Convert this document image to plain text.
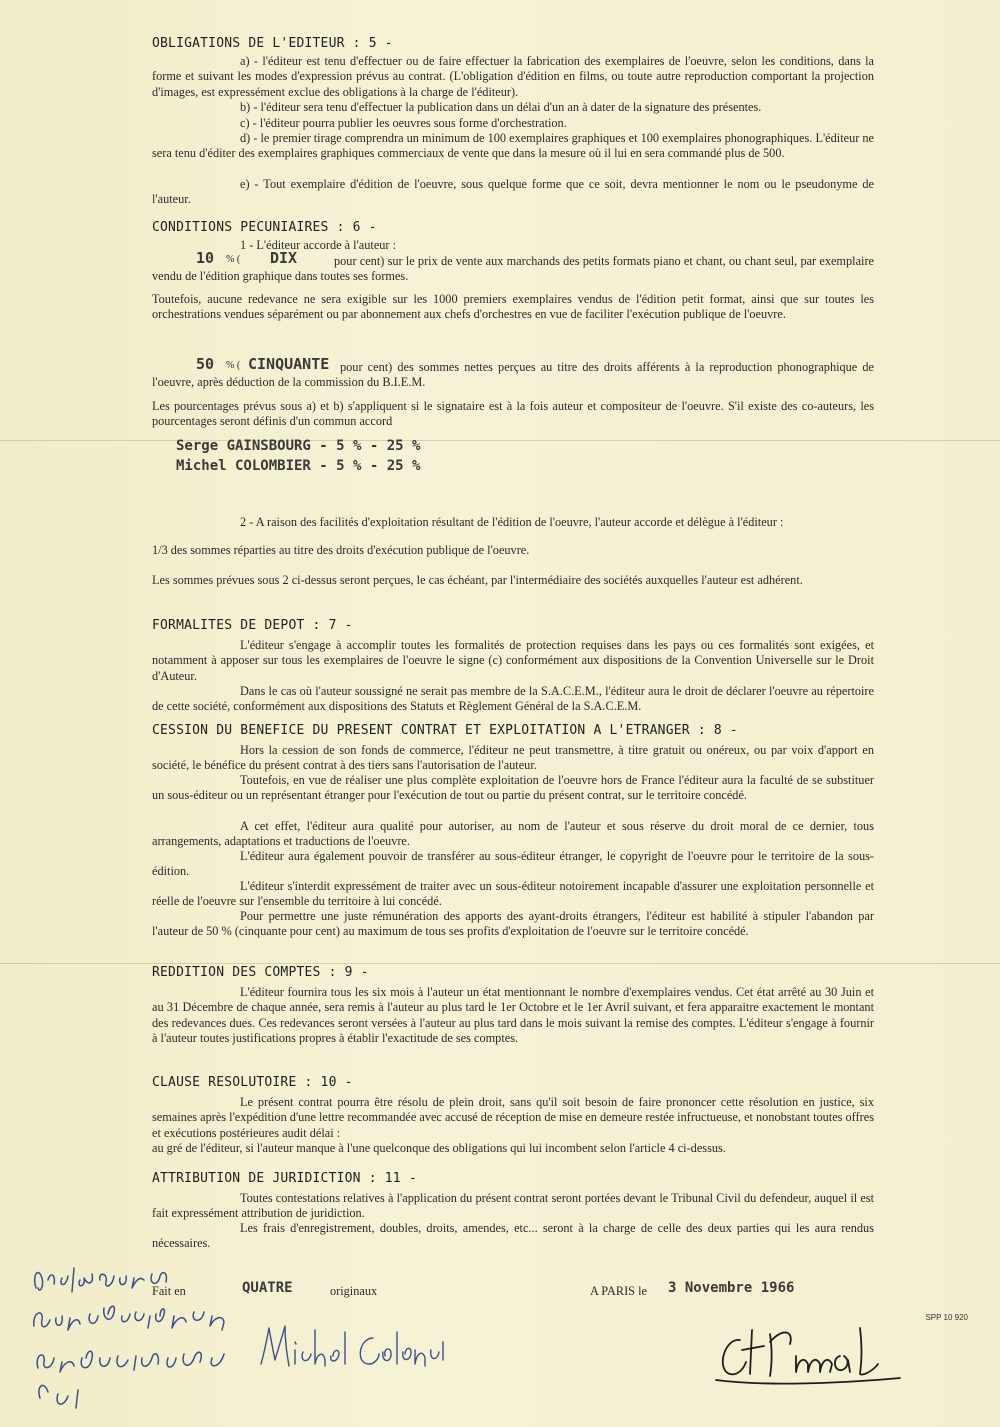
OBLIGATIONS DE L'EDITEUR : 5 -

a) - l'éditeur est tenu d'effectuer ou de faire effectuer la fabrication des exemplaires de l'oeuvre, selon les conditions, dans la forme et suivant les modes d'expression prévus au contrat. (L'obligation d'édition en films, ou toute autre reproduction comportant la projection d'images, est expressément exclue des obligations à la charge de l'éditeur).

b) - l'éditeur sera tenu d'effectuer la publication dans un délai d'un an à dater de la signature des présentes.

c) - l'éditeur pourra publier les oeuvres sous forme d'orchestration.

d) - le premier tirage comprendra un minimum de 100 exemplaires graphiques et 100 exemplaires phonographiques. L'éditeur ne sera tenu d'éditer des exemplaires graphiques commerciaux de vente que dans la mesure où il lui en sera commandé plus de 500.

e) - Tout exemplaire d'édition de l'oeuvre, sous quelque forme que ce soit, devra mentionner le nom ou le pseudonyme de l'auteur.

CONDITIONS PECUNIAIRES : 6 -

1 - L'éditeur accorde à l'auteur :

10 % ( DIX	pour cent) sur le prix de vente aux marchands des petits formats piano et chant, ou chant seul, par exemplaire vendu de l'édition graphique dans toutes ses formes.

Toutefois, aucune redevance ne sera exigible sur les 1000 premiers exemplaires vendus de l'édition petit format, ainsi que sur toutes les orchestrations vendues séparément ou par abonnement aux chefs d'orchestres en vue de faciliter l'exécution publique de l'oeuvre.

50 % ( CINQUANTE pour cent) des sommes nettes perçues au titre des droits afférents à la reproduction phonographique de l'oeuvre, après déduction de la commission du B.I.E.M.

Les pourcentages prévus sous a) et b) s'appliquent si le signataire est à la fois auteur et compositeur de l'oeuvre. S'il existe des co-auteurs, les pourcentages seront définis d'un commun accord

Serge GAINSBOURG - 5 % - 25 %
Michel COLOMBIER - 5 % - 25 %

2 - A raison des facilités d'exploitation résultant de l'édition de l'oeuvre, l'auteur accorde et délègue à l'éditeur :

1/3 des sommes réparties au titre des droits d'exécution publique de l'oeuvre.

Les sommes prévues sous 2 ci-dessus seront perçues, le cas échéant, par l'intermédiaire des sociétés auxquelles l'auteur est adhérent.

FORMALITES DE DEPOT : 7 -

L'éditeur s'engage à accomplir toutes les formalités de protection requises dans les pays ou ces formalités sont exigées, et notamment à apposer sur tous les exemplaires de l'oeuvre le signe (c) conformément aux dispositions de la Convention Universelle sur le Droit d'Auteur.

Dans le cas où l'auteur soussigné ne serait pas membre de la S.A.C.E.M., l'éditeur aura le droit de déclarer l'oeuvre au répertoire de cette société, conformément aux dispositions des Statuts et Règlement Général de la S.A.C.E.M.

CESSION DU BENEFICE DU PRESENT CONTRAT ET EXPLOITATION A L'ETRANGER : 8 -

Hors la cession de son fonds de commerce, l'éditeur ne peut transmettre, à titre gratuit ou onéreux, ou par voix d'apport en société, le bénéfice du présent contrat à des tiers sans l'autorisation de l'auteur.

Toutefois, en vue de réaliser une plus complète exploitation de l'oeuvre hors de France l'éditeur aura la faculté de se substituer un sous-éditeur ou un représentant étranger pour l'exécution de tout ou partie du présent contrat, sur le territoire concédé.

A cet effet, l'éditeur aura qualité pour autoriser, au nom de l'auteur et sous réserve du droit moral de ce dernier, tous arrangements, adaptations et traductions de l'oeuvre.

L'éditeur aura également pouvoir de transférer au sous-éditeur étranger, le copyright de l'oeuvre pour le territoire de la sous-édition.

L'éditeur s'interdit expressément de traiter avec un sous-éditeur notoirement incapable d'assurer une exploitation personnelle et réelle de l'oeuvre sur l'ensemble du territoire à lui concédé.

Pour permettre une juste rémunération des apports des ayant-droits étrangers, l'éditeur est habilité à stipuler l'abandon par l'auteur de 50 % (cinquante pour cent) au maximum de tous ses profits d'exploitation de l'oeuvre sur le territoire concédé.

REDDITION DES COMPTES : 9 -

L'éditeur fournira tous les six mois à l'auteur un état mentionnant le nombre d'exemplaires vendus. Cet état arrêté au 30 Juin et au 31 Décembre de chaque année, sera remis à l'auteur au plus tard le 1er Octobre et le 1er Avril suivant, et fera apparaitre exactement le montant des redevances dues. Ces redevances seront versées à l'auteur au plus tard dans le mois suivant la remise des comptes. L'éditeur s'engage à fournir à l'auteur toutes justifications propres à établir l'exactitude de ses comptes.

CLAUSE RESOLUTOIRE : 10 -

Le présent contrat pourra être résolu de plein droit, sans qu'il soit besoin de faire prononcer cette résolution en justice, six semaines après l'expédition d'une lettre recommandée avec accusé de réception de mise en demeure restée infructueuse, et nonobstant toutes offres et exécutions postérieures audit délai :

au gré de l'éditeur, si l'auteur manque à l'une quelconque des obligations qui lui incombent selon l'article 4 ci-dessus.

ATTRIBUTION DE JURIDICTION : 11 -

Toutes contestations relatives à l'application du présent contrat seront portées devant le Tribunal Civil du defendeur, auquel il est fait expressément attribution de juridiction.

Les frais d'enregistrement, doubles, droits, amendes, etc... seront à la charge de celle des deux parties qui les aura rendus nécessaires.

Fait en	QUATRE	originaux	A PARIS le 3 Novembre 1966
SPP 10 920
